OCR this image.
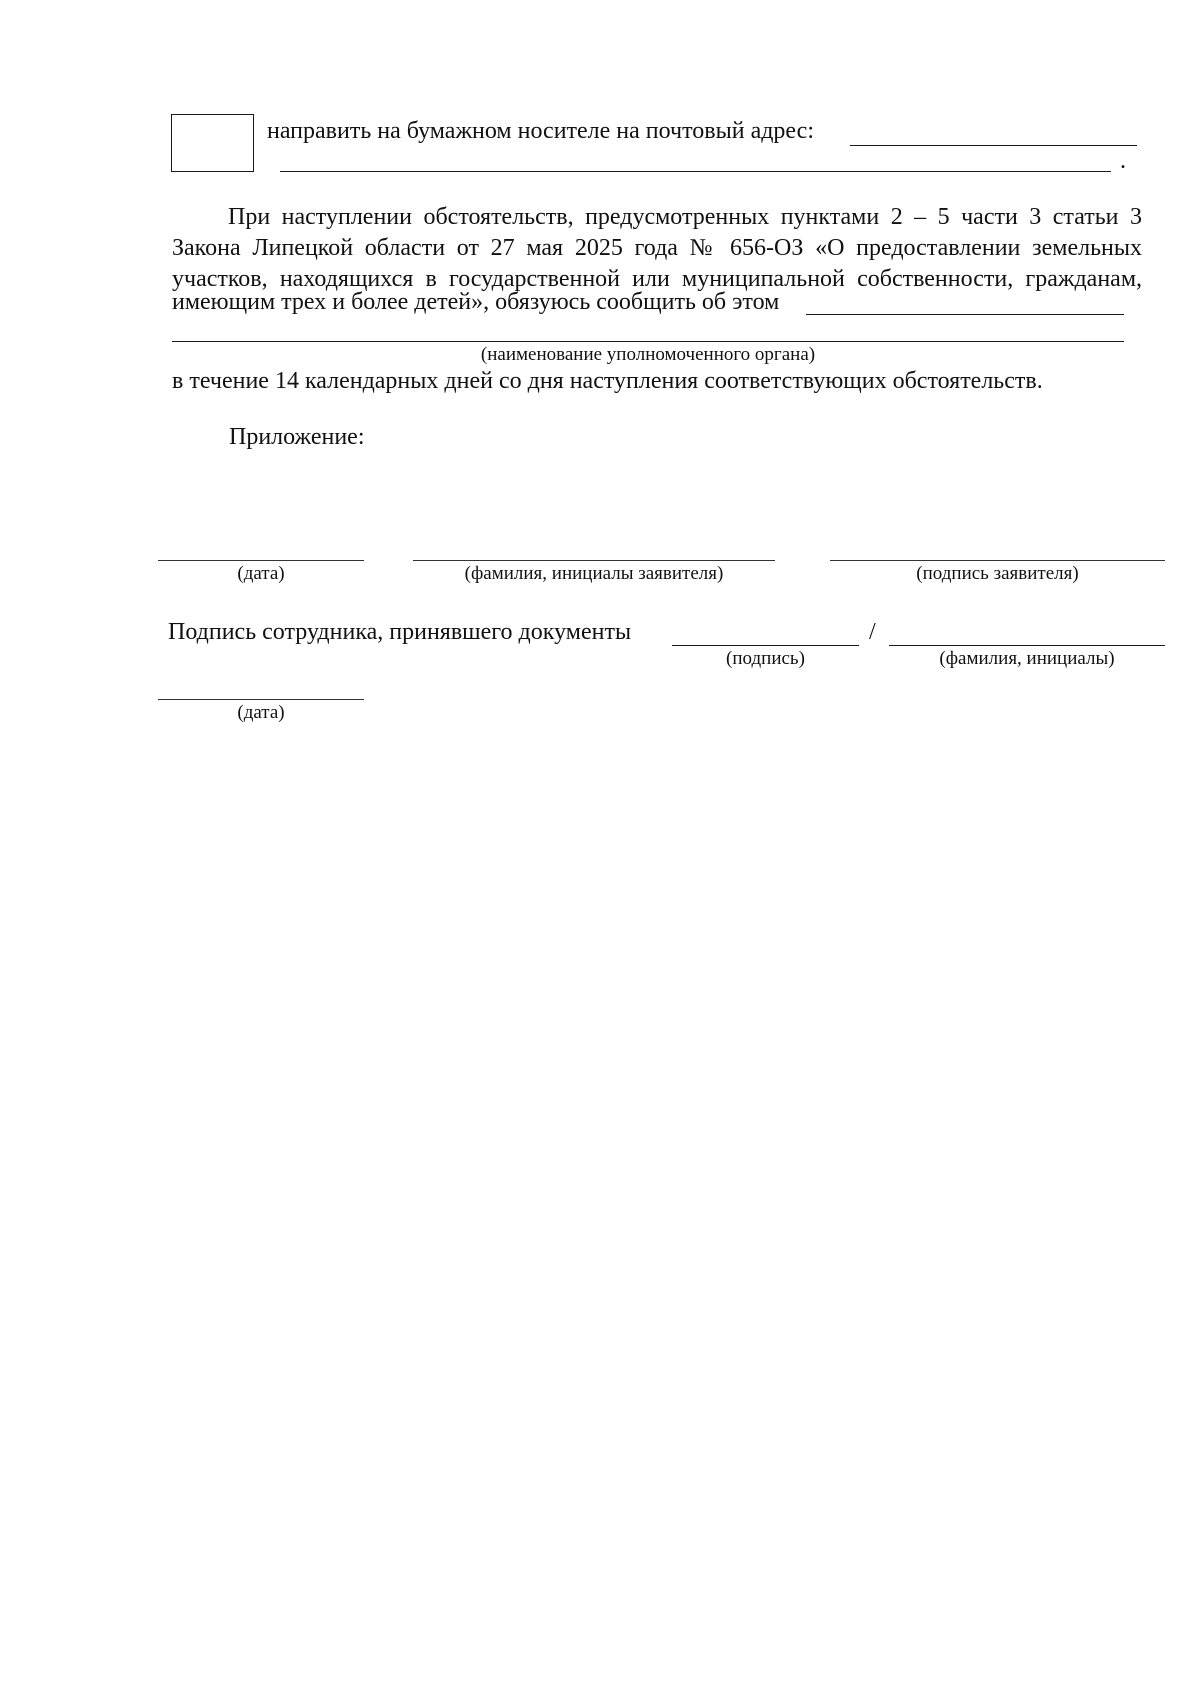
направить на бумажном носителе на почтовый адрес:
.
При наступлении обстоятельств, предусмотренных пунктами 2 – 5 части 3 статьи 3
Закона Липецкой области от 27 мая 2025 года № 656-ОЗ «О предоставлении земельных
участков, находящихся в государственной или муниципальной собственности, гражданам,
имеющим трех и более детей», обязуюсь сообщить об этом
(наименование уполномоченного органа)
в течение 14 календарных дней со дня наступления соответствующих обстоятельств.
Приложение:
(дата)	(фамилия, инициалы заявителя)	(подпись заявителя)
Подпись сотрудника, принявшего документы	/
(подпись)	(фамилия, инициалы)
(дата)
